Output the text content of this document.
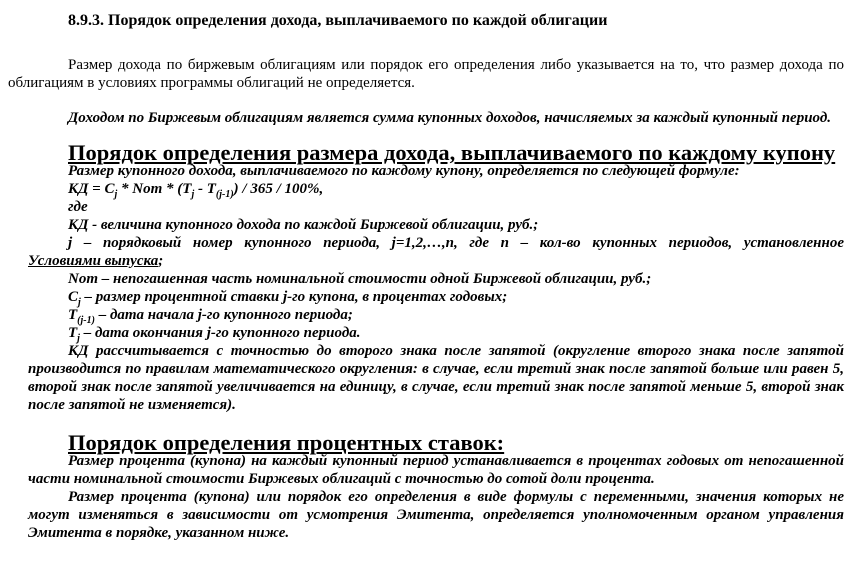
8.9.3. Порядок определения дохода, выплачиваемого по каждой облигации

Размер дохода по биржевым облигациям или порядок его определения либо указывается на то, что размер дохода по облигациям в условиях программы облигаций не определяется.

Доходом по Биржевым облигациям является сумма купонных доходов, начисляемых за каждый купонный период.

Порядок определения размера дохода, выплачиваемого по каждому купону
Размер купонного дохода, выплачиваемого по каждому купону, определяется по следующей формуле:
КД = $C_j$ * Nom * $(T_j - T_{(j-1)}) / 365 / 100\%$,
где
КД - величина купонного дохода по каждой Биржевой облигации, руб.;
j – порядковый номер купонного периода, j=1,2,…,n, где n – кол-во купонных периодов, установленное
Условиями выпуска;
Nom – непогашенная часть номинальной стоимости одной Биржевой облигации, руб.;
$C_j$ – размер процентной ставки j-го купона, в процентах годовых;
$T_{(j-1)}$ – дата начала j-го купонного периода;
$T_j$ – дата окончания j-го купонного периода.
КД рассчитывается с точностью до второго знака после запятой (округление второго знака после запятой производится по правилам математического округления: в случае, если третий знак после запятой больше или равен 5, второй знак после запятой увеличивается на единицу, в случае, если третий знак после запятой меньше 5, второй знак после запятой не изменяется).
Порядок определения процентных ставок:
Размер процента (купона) на каждый купонный период устанавливается в процентах годовых от непогашенной части номинальной стоимости Биржевых облигаций с точностью до сотой доли процента.
Размер процента (купона) или порядок его определения в виде формулы с переменными, значения которых не могут изменяться в зависимости от усмотрения Эмитента, определяется уполномоченным органом управления Эмитента в порядке, указанном ниже.
